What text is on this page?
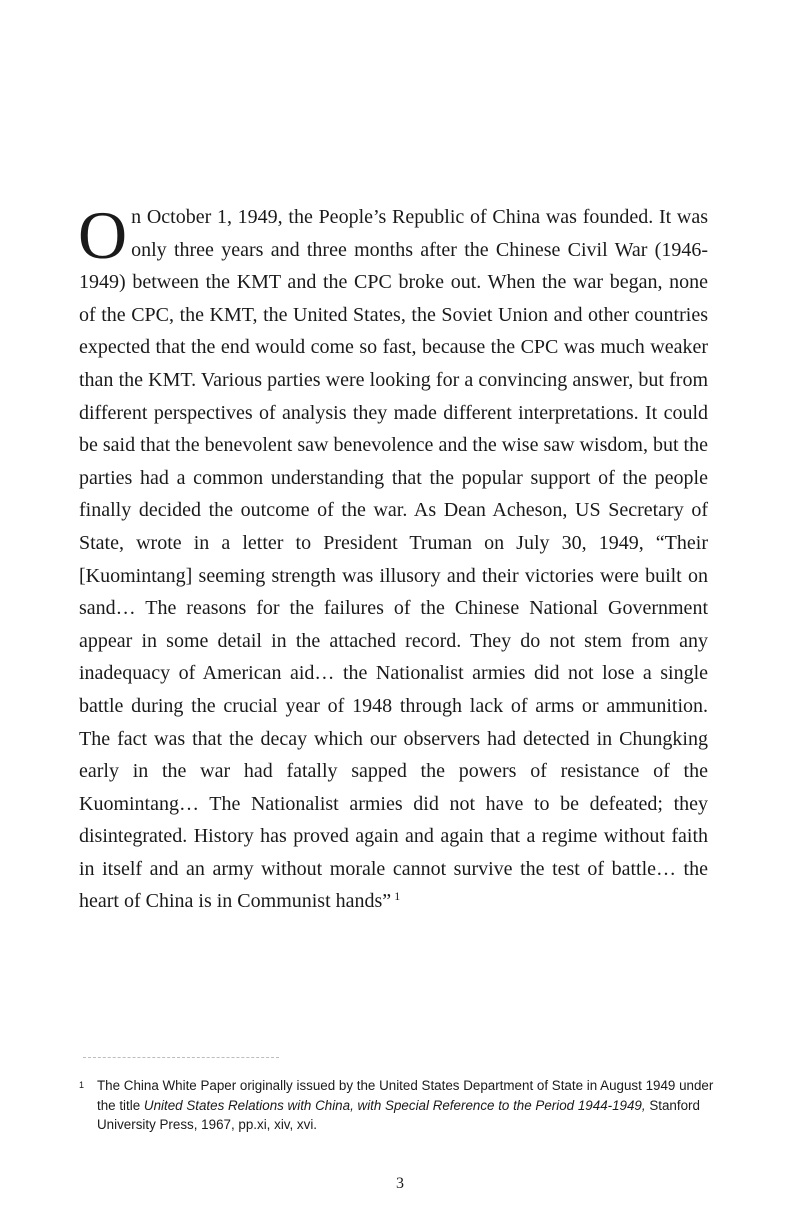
On October 1, 1949, the People’s Republic of China was founded. It was only three years and three months after the Chinese Civil War (1946-1949) between the KMT and the CPC broke out. When the war began, none of the CPC, the KMT, the United States, the Soviet Union and other countries expected that the end would come so fast, because the CPC was much weaker than the KMT. Various parties were looking for a convincing answer, but from different perspectives of analysis they made different interpretations. It could be said that the benevolent saw benevolence and the wise saw wisdom, but the parties had a common understanding that the popular support of the people finally decided the outcome of the war. As Dean Acheson, US Secretary of State, wrote in a letter to President Truman on July 30, 1949, “Their [Kuomintang] seeming strength was illusory and their victories were built on sand… The reasons for the failures of the Chinese National Government appear in some detail in the attached record. They do not stem from any inadequacy of American aid… the Nationalist armies did not lose a single battle during the crucial year of 1948 through lack of arms or ammunition. The fact was that the decay which our observers had detected in Chungking early in the war had fatally sapped the powers of resistance of the Kuomintang… The Nationalist armies did not have to be defeated; they disintegrated. History has proved again and again that a regime without faith in itself and an army without morale cannot survive the test of battle… the heart of China is in Communist hands” $^1$

1 The China White Paper originally issued by the United States Department of State in August 1949 under the title United States Relations with China, with Special Reference to the Period 1944-1949, Stanford University Press, 1967, pp.xi, xiv, xvi.
3
